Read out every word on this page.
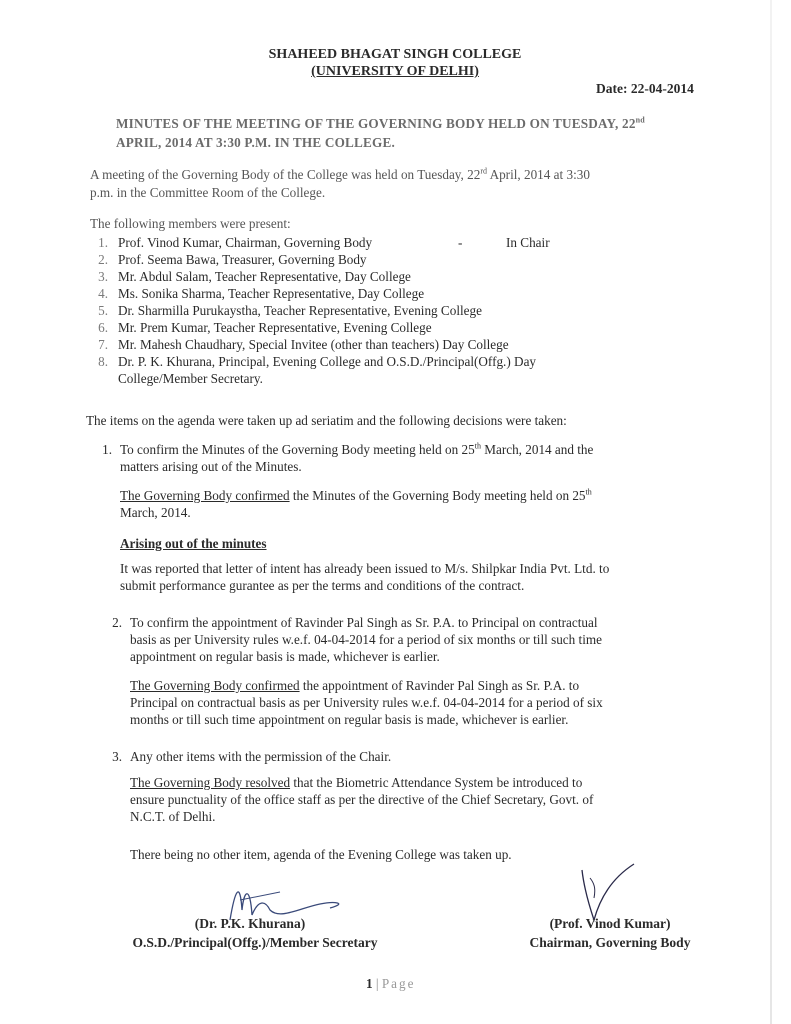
SHAHEED BHAGAT SINGH COLLEGE
(UNIVERSITY OF DELHI)
Date: 22-04-2014
MINUTES OF THE MEETING OF THE GOVERNING BODY HELD ON TUESDAY, 22nd
APRIL, 2014 AT 3:30 P.M. IN THE COLLEGE.
A meeting of the Governing Body of the College was held on Tuesday, 22rd April, 2014 at 3:30
p.m. in the Committee Room of the College.
The following members were present:
1. Prof. Vinod Kumar, Chairman, Governing Body	-	In Chair
2. Prof. Seema Bawa, Treasurer, Governing Body
3. Mr. Abdul Salam, Teacher Representative, Day College
4. Ms. Sonika Sharma, Teacher Representative, Day College
5. Dr. Sharmilla Purukaystha, Teacher Representative, Evening College
6. Mr. Prem Kumar, Teacher Representative, Evening College
7. Mr. Mahesh Chaudhary, Special Invitee (other than teachers) Day College
8. Dr. P. K. Khurana, Principal, Evening College and O.S.D./Principal(Offg.) Day
College/Member Secretary.
The items on the agenda were taken up ad seriatim and the following decisions were taken:
1. To confirm the Minutes of the Governing Body meeting held on 25th March, 2014 and the
matters arising out of the Minutes.
The Governing Body confirmed the Minutes of the Governing Body meeting held on 25th
March, 2014.
Arising out of the minutes
It was reported that letter of intent has already been issued to M/s. Shilpkar India Pvt. Ltd. to
submit performance gurantee as per the terms and conditions of the contract.
2. To confirm the appointment of Ravinder Pal Singh as Sr. P.A. to Principal on contractual
basis as per University rules w.e.f. 04-04-2014 for a period of six months or till such time
appointment on regular basis is made, whichever is earlier.
The Governing Body confirmed the appointment of Ravinder Pal Singh as Sr. P.A. to
Principal on contractual basis as per University rules w.e.f. 04-04-2014 for a period of six
months or till such time appointment on regular basis is made, whichever is earlier.
3. Any other items with the permission of the Chair.
The Governing Body resolved that the Biometric Attendance System be introduced to
ensure punctuality of the office staff as per the directive of the Chief Secretary, Govt. of
N.C.T. of Delhi.
There being no other item, agenda of the Evening College was taken up.
(Dr. P.K. Khurana)
O.S.D./Principal(Offg.)/Member Secretary
(Prof. Vinod Kumar)
Chairman, Governing Body
1 | Page
